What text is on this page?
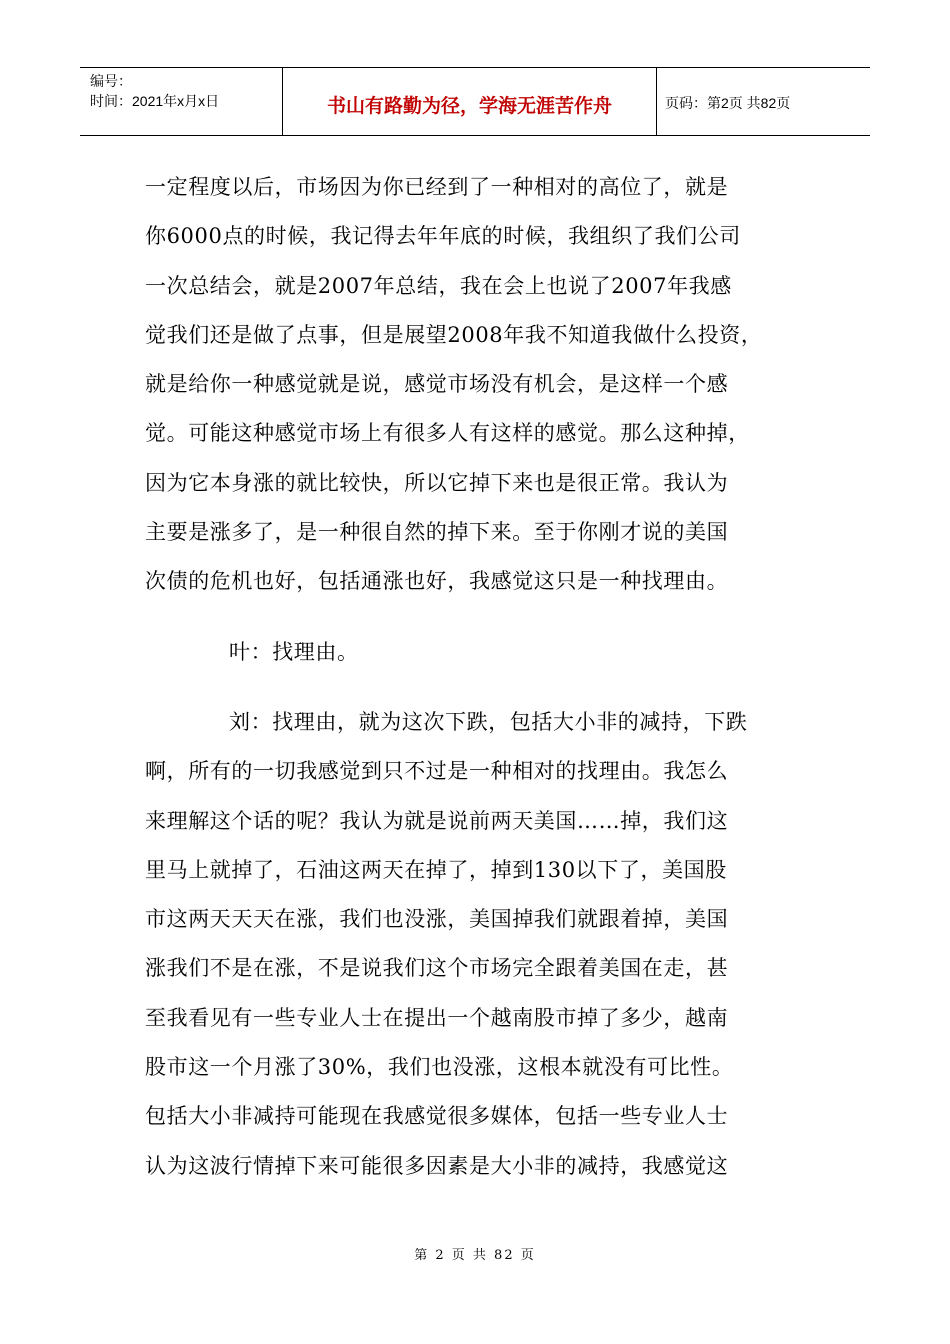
编号：
时间：2021年x月x日	书山有路勤为径，学海无涯苦作舟	页码：第2页 共82页
一定程度以后，市场因为你已经到了一种相对的高位了，就是
你6000点的时候，我记得去年年底的时候，我组织了我们公司
一次总结会，就是2007年总结，我在会上也说了2007年我感
觉我们还是做了点事，但是展望2008年我不知道我做什么投资，
就是给你一种感觉就是说，感觉市场没有机会，是这样一个感
觉。可能这种感觉市场上有很多人有这样的感觉。那么这种掉，
因为它本身涨的就比较快，所以它掉下来也是很正常。我认为
主要是涨多了，是一种很自然的掉下来。至于你刚才说的美国
次债的危机也好，包括通涨也好，我感觉这只是一种找理由。
叶：找理由。
刘：找理由，就为这次下跌，包括大小非的减持，下跌
啊，所有的一切我感觉到只不过是一种相对的找理由。我怎么
来理解这个话的呢？我认为就是说前两天美国……掉，我们这
里马上就掉了，石油这两天在掉了，掉到130以下了，美国股
市这两天天天在涨，我们也没涨，美国掉我们就跟着掉，美国
涨我们不是在涨，不是说我们这个市场完全跟着美国在走，甚
至我看见有一些专业人士在提出一个越南股市掉了多少，越南
股市这一个月涨了30%，我们也没涨，这根本就没有可比性。
包括大小非减持可能现在我感觉很多媒体，包括一些专业人士
认为这波行情掉下来可能很多因素是大小非的减持，我感觉这
第 2 页 共 82 页
